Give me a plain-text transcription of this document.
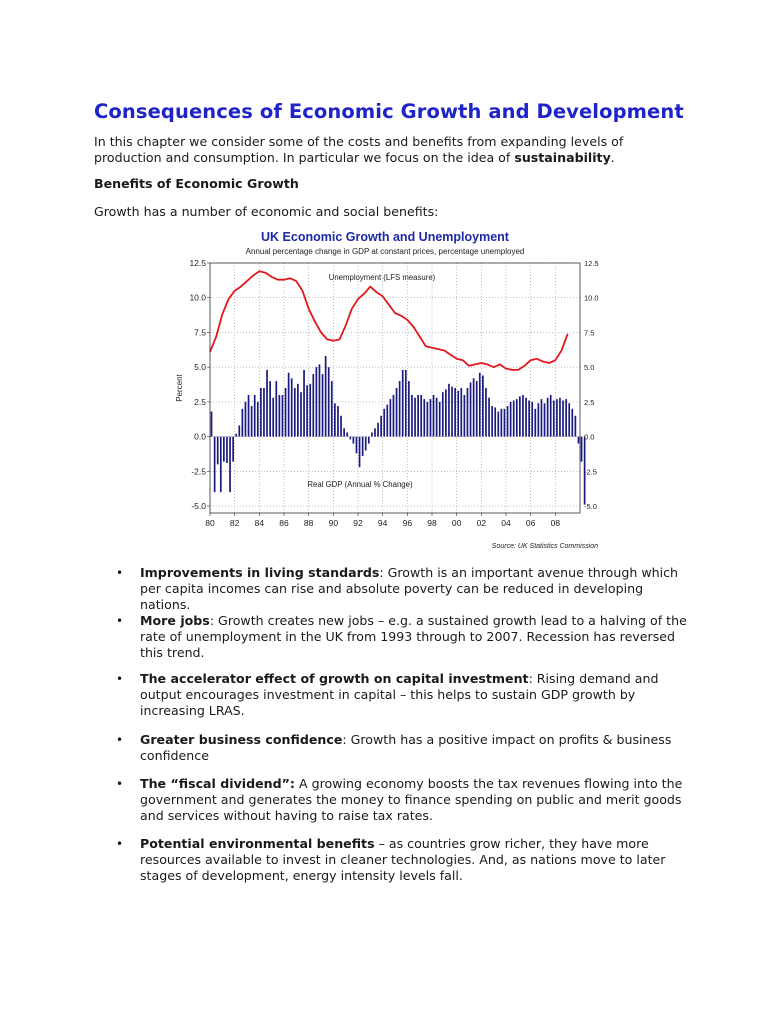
Consequences of Economic Growth and Development

In this chapter we consider some of the costs and benefits from expanding levels of production and consumption. In particular we focus on the idea of sustainability.

Benefits of Economic Growth

Growth has a number of economic and social benefits:

UK Economic Growth and Unemployment
Annual percentage change in GDP at constant prices, percentage unemployed
12.5
10.0
7.5
5.0
2.5
0.0
-2.5
-5.0
12.5
10.0
7.5
5.0
2.5
0.0
-2.5
-5.0
80 82 84 86 88 90 92 94 96 98 00 02 04 06 08
Percent
Unemployment (LFS measure)
Real GDP (Annual % Change)
Source: UK Statistics Commission
• Improvements in living standards: Growth is an important avenue through which per capita incomes can rise and absolute poverty can be reduced in developing nations.
• More jobs: Growth creates new jobs – e.g. a sustained growth lead to a halving of the rate of unemployment in the UK from 1993 through to 2007. Recession has reversed this trend.
• The accelerator effect of growth on capital investment: Rising demand and output encourages investment in capital – this helps to sustain GDP growth by increasing LRAS.
• Greater business confidence: Growth has a positive impact on profits & business confidence
• The “fiscal dividend”: A growing economy boosts the tax revenues flowing into the government and generates the money to finance spending on public and merit goods and services without having to raise tax rates.
• Potential environmental benefits – as countries grow richer, they have more resources available to invest in cleaner technologies. And, as nations move to later stages of development, energy intensity levels fall.
